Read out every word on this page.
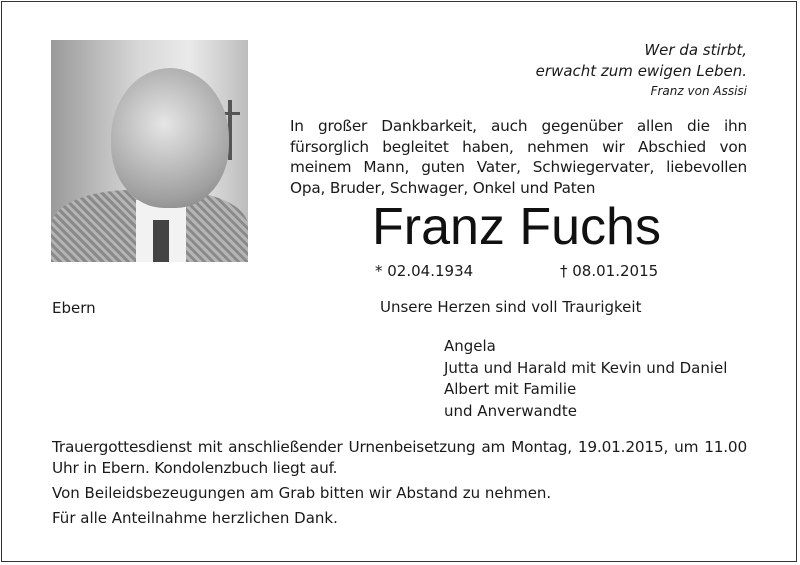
Wer da stirbt,
erwacht zum ewigen Leben.
Franz von Assisi
In großer Dankbarkeit, auch gegenüber allen die ihn fürsorglich begleitet haben, nehmen wir Abschied von meinem Mann, guten Vater, Schwiegervater, liebevollen Opa, Bruder, Schwager, Onkel und Paten
Franz Fuchs
* 02.04.1934	† 08.01.2015
Ebern	Unsere Herzen sind voll Traurigkeit
Angela
Jutta und Harald mit Kevin und Daniel
Albert mit Familie
und Anverwandte
Trauergottesdienst mit anschließender Urnenbeisetzung am Montag, 19.01.2015, um 11.00 Uhr in Ebern. Kondolenzbuch liegt auf.
Von Beileidsbezeugungen am Grab bitten wir Abstand zu nehmen.
Für alle Anteilnahme herzlichen Dank.
